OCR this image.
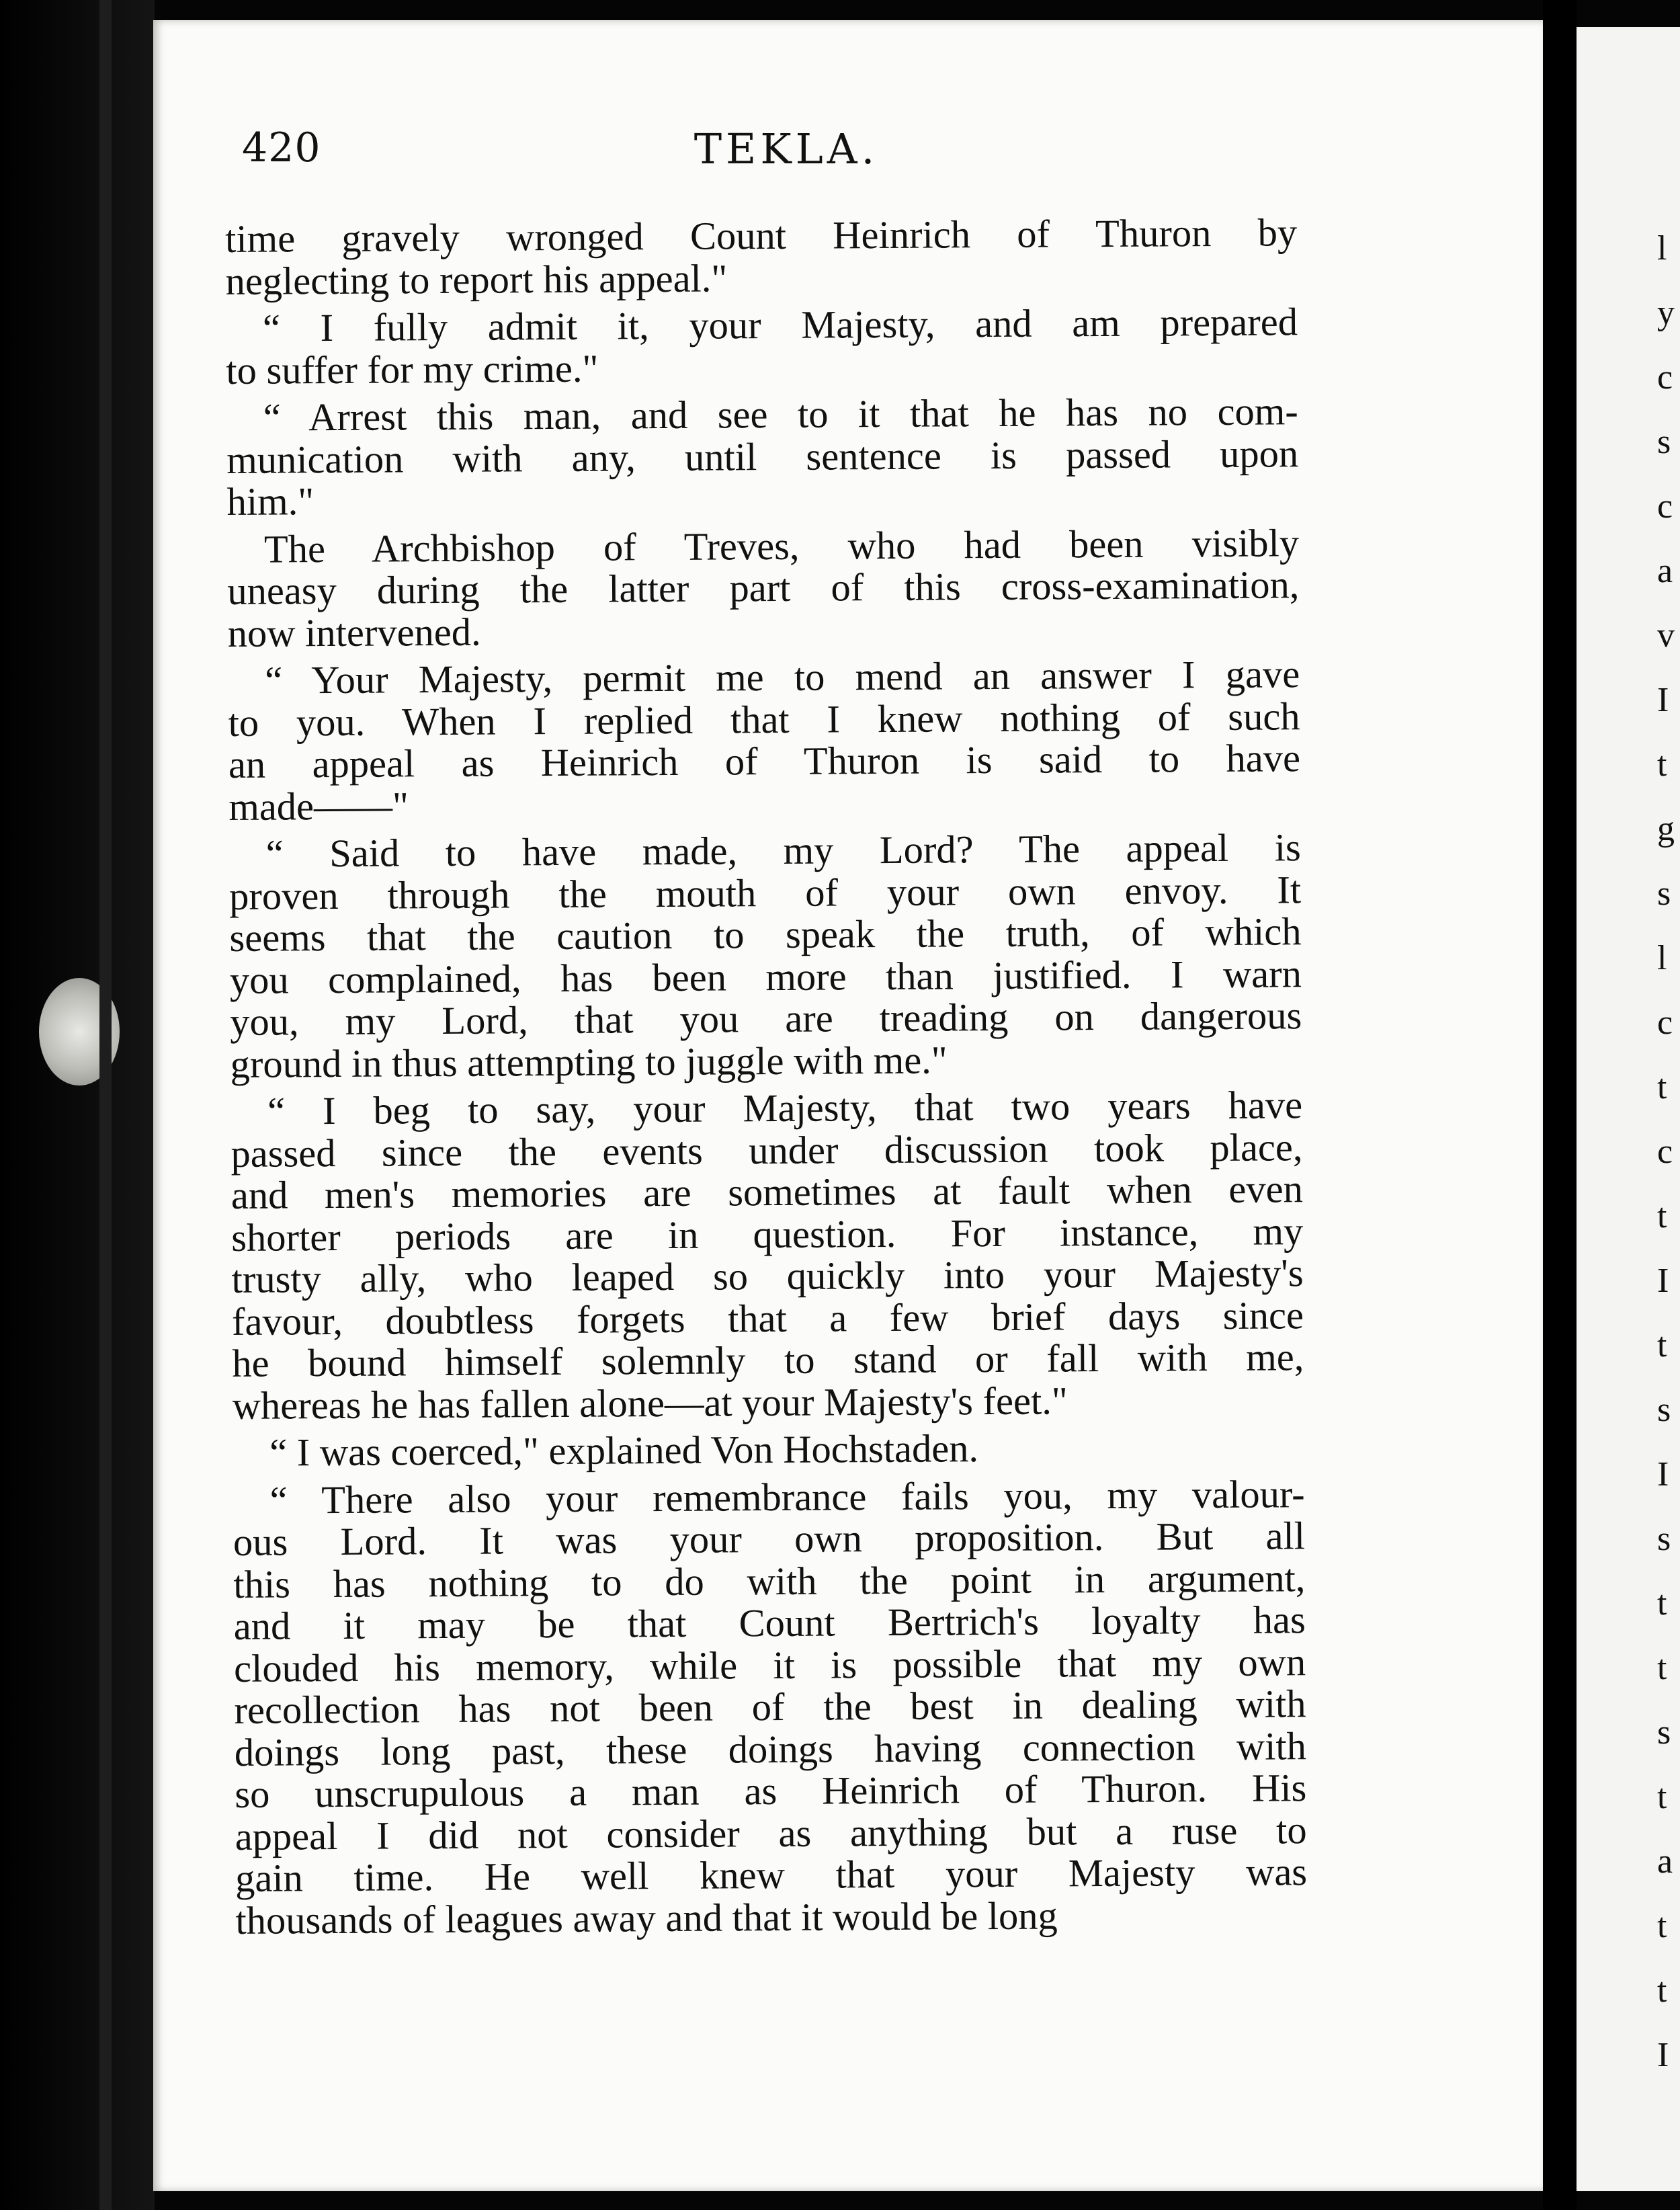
l
y
c
s
c
a
v
I
t
g
s
l
c
t
c
t
I
t
s
I
s
t
t
s
t
a
t
t
I
420	TEKLA.
time gravely wronged Count Heinrich of Thuron by
neglecting to report his appeal."
“ I fully admit it, your Majesty, and am prepared
to suffer for my crime."
“ Arrest this man, and see to it that he has no com-
munication with any, until sentence is passed upon
him."
The Archbishop of Treves, who had been visibly
uneasy during the latter part of this cross-examination,
now intervened.
“ Your Majesty, permit me to mend an answer I gave
to you. When I replied that I knew nothing of such
an appeal as Heinrich of Thuron is said to have
made——"
“ Said to have made, my Lord? The appeal is
proven through the mouth of your own envoy. It
seems that the caution to speak the truth, of which
you complained, has been more than justified. I warn
you, my Lord, that you are treading on dangerous
ground in thus attempting to juggle with me."
“ I beg to say, your Majesty, that two years have
passed since the events under discussion took place,
and men's memories are sometimes at fault when even
shorter periods are in question. For instance, my
trusty ally, who leaped so quickly into your Majesty's
favour, doubtless forgets that a few brief days since
he bound himself solemnly to stand or fall with me,
whereas he has fallen alone—at your Majesty's feet."
“ I was coerced," explained Von Hochstaden.
“ There also your remembrance fails you, my valour-
ous Lord. It was your own proposition. But all
this has nothing to do with the point in argument,
and it may be that Count Bertrich's loyalty has
clouded his memory, while it is possible that my own
recollection has not been of the best in dealing with
doings long past, these doings having connection with
so unscrupulous a man as Heinrich of Thuron. His
appeal I did not consider as anything but a ruse to
gain time. He well knew that your Majesty was
thousands of leagues away and that it would be long
